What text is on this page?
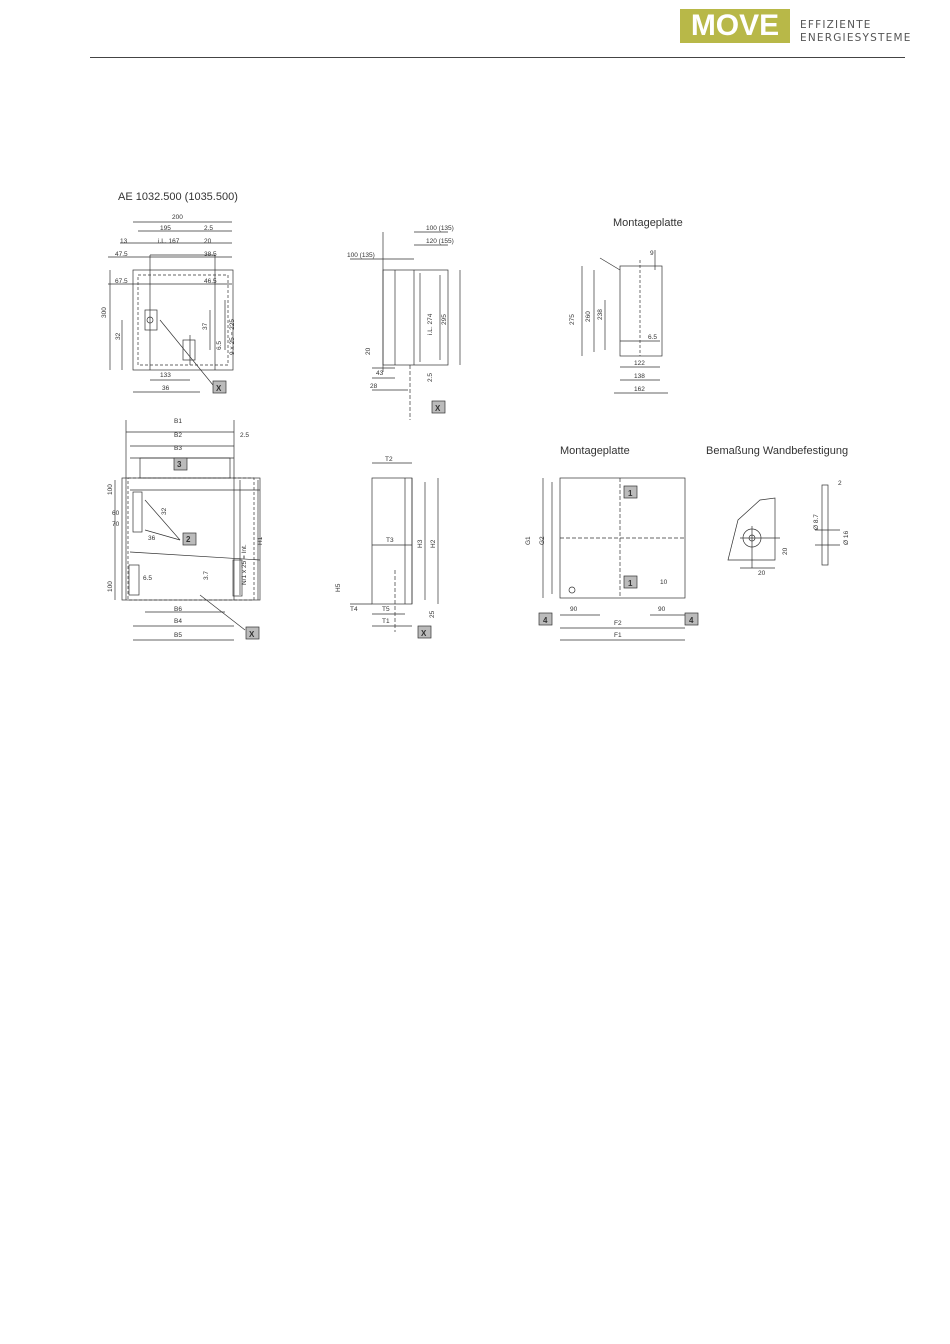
MOVE EFFIZIENTE
ENERGIESYSTEME
AE 1032.500 (1035.500)
Montageplatte
Montageplatte	Bemaßung Wandbefestigung
200
195	2.5
13	i.L. 167	20
47.5	38.5
67.5	46.5
300
32
37
6.5 9 x 25 = 225
133
36	X
100 (135)
120 (155)
100 (135)
i.L. 274 295
20
43
28
2.5
X
9
275 260 238
6.5
122
138
162
B1
B2
B3
2.5
100
60
70
32
36	H1
N/1 x 25 = Int.
3.7
100
6.5
B6
B4
B5
3
2
X
T2
T3	H3 H2
H5
T4	T5
T1
25
X
G1 G2
10
90	90
F2
F1
1
1
4	4
2
Ø 8.7
Ø 16
20
20
